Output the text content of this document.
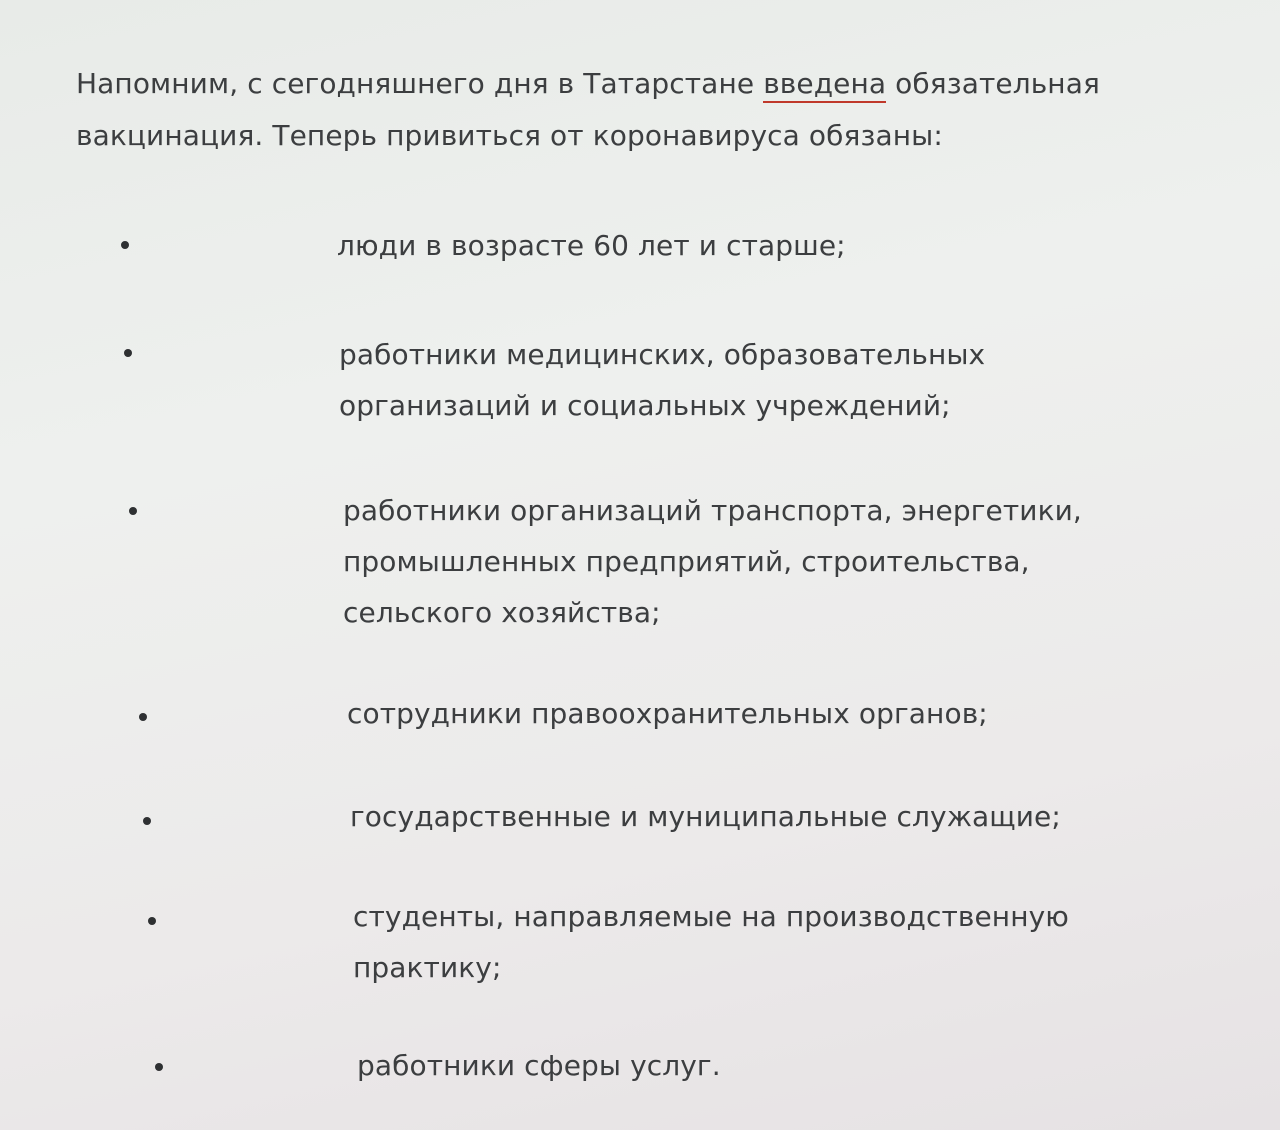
Напомним, с сегодняшнего дня в Татарстане введена обязательная вакцинация. Теперь привиться от коронавируса обязаны:

люди в возрасте 60 лет и старше;

работники медицинских, образовательных организаций и социальных учреждений;

работники организаций транспорта, энергетики, промышленных предприятий, строительства, сельского хозяйства;

сотрудники правоохранительных органов;

государственные и муниципальные служащие;

студенты, направляемые на производственную практику;

работники сферы услуг.
